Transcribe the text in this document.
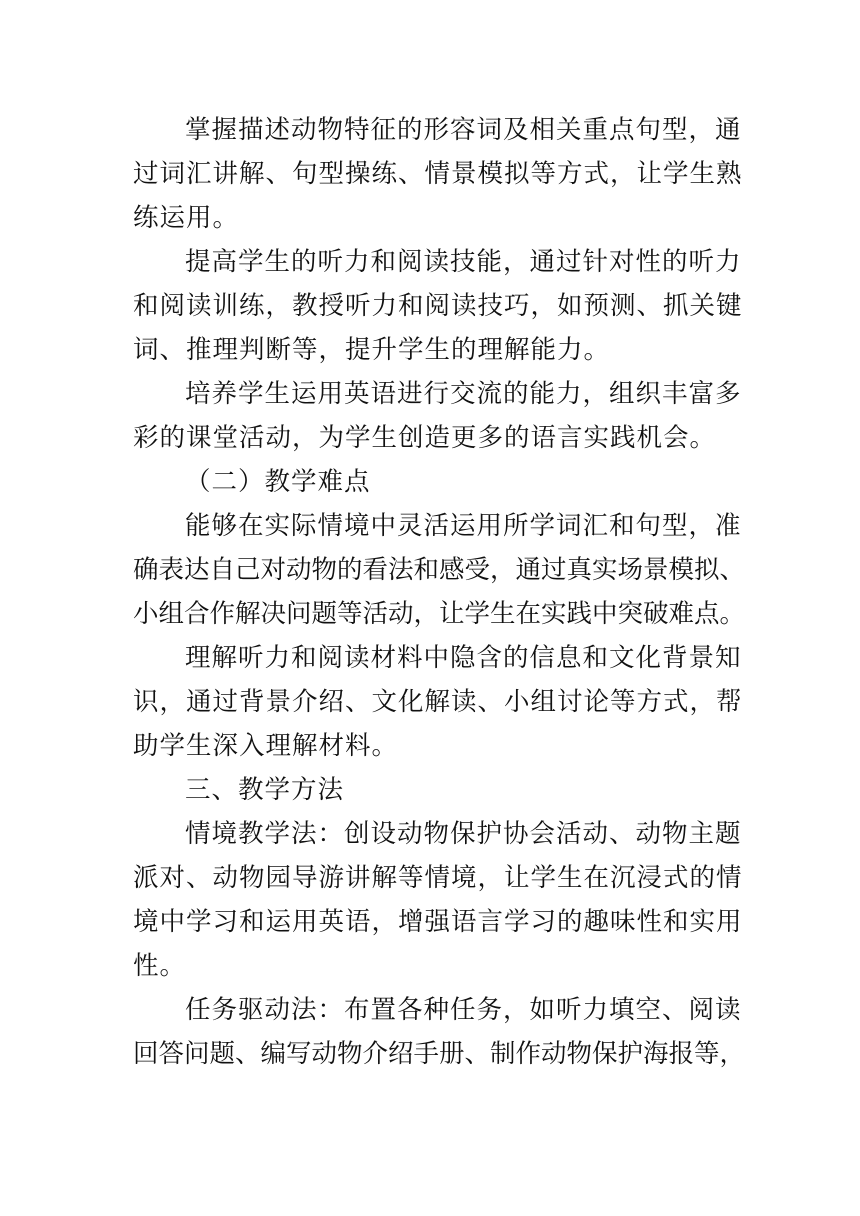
掌握描述动物特征的形容词及相关重点句型，通
过词汇讲解、句型操练、情景模拟等方式，让学生熟
练运用。

提高学生的听力和阅读技能，通过针对性的听力
和阅读训练，教授听力和阅读技巧，如预测、抓关键
词、推理判断等，提升学生的理解能力。

培养学生运用英语进行交流的能力，组织丰富多
彩的课堂活动，为学生创造更多的语言实践机会。

（二）教学难点

能够在实际情境中灵活运用所学词汇和句型，准
确表达自己对动物的看法和感受，通过真实场景模拟、
小组合作解决问题等活动，让学生在实践中突破难点。

理解听力和阅读材料中隐含的信息和文化背景知
识，通过背景介绍、文化解读、小组讨论等方式，帮
助学生深入理解材料。

三、教学方法

情境教学法：创设动物保护协会活动、动物主题
派对、动物园导游讲解等情境，让学生在沉浸式的情
境中学习和运用英语，增强语言学习的趣味性和实用
性。

任务驱动法：布置各种任务，如听力填空、阅读
回答问题、编写动物介绍手册、制作动物保护海报等，
